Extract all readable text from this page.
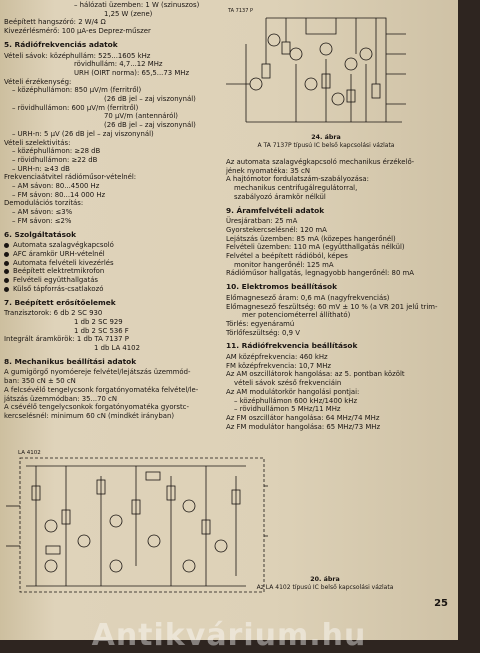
– hálózati üzemben: 1 W (szinuszos)
1,25 W (zene)
Beépített hangszóró: 2 W/4 Ω
Kivezérlésmérő: 100 µA-es Deprez-műszer
5. Rádiófrekvenciás adatok
Vételi sávok: középhullám: 525...1605 kHz
rövidhullám: 4,7...12 MHz
URH (OIRT norma): 65,5...73 MHz
Vételi érzékenység:
– középhullámon: 850 µV/m (ferritről)
(26 dB jel – zaj viszonynál)
– rövidhullámon: 600 µV/m (ferritről)
70 µV/m (antennáról)
(26 dB jel – zaj viszonynál)
– URH-n: 5 µV (26 dB jel – zaj viszonynál)
Vételi szelektivitás:
– középhullámon: ≥28 dB
– rövidhullámon: ≥22 dB
– URH-n: ≥43 dB
Frekvenciaátvitel rádióműsor-vételnél:
– AM sávon: 80...4500 Hz
– FM sávon: 80...14 000 Hz
Demodulációs torzítás:
– AM sávon: ≤3%
– FM sávon: ≤2%
6. Szolgáltatások
Automata szalagvégkapcsoló
AFC áramkör URH-vételnél
Automata felvételi kivezérlés
Beépített elektretmikrofon
Felvételi együtthallgatás
Külső tápforrás-csatlakozó
7. Beépített erősítőelemek
Tranzisztorok: 6 db 2 SC 930
1 db 2 SC 929
1 db 2 SC 536 F
Integrált áramkörök: 1 db TA 7137 P
1 db LA 4102
8. Mechanikus beállítási adatok
A gumigörgő nyomóereje felvétel/lejátszás üzemmód-
ban: 350 cN ± 50 cN
A felcsévélő tengelycsonk forgatónyomatéka felvétel/le-
játszás üzemmódban: 35...70 cN
A csévélő tengelycsonkok forgatónyomatéka gyorstc-
kercselésnél: minimum 60 cN (mindkét irányban)
TA 7137 P
24. ábra
A TA 7137P típusú IC belső kapcsolási vázlata
Az automata szalagvégkapcsoló mechanikus érzékelő-
jének nyomatéka: 35 cN
A hajtómotor fordulatszám-szabályozása:
mechanikus centrifugálregulátorral,
szabályozó áramkör nélkül
9. Áramfelvételi adatok
Üresjáratban: 25 mA
Gyorstekercselésnél: 120 mA
Lejátszás üzemben: 85 mA (közepes hangerőnél)
Felvételi üzemben: 110 mA (együtthallgatás nélkül)
Felvétel a beépített rádióból, képes
monitor hangerőnél: 125 mA
Rádióműsor hallgatás, legnagyobb hangerőnél: 80 mA
10. Elektromos beállítások
Előmagnesező áram: 0,6 mA (nagyfrekvenciás)
Előmagnesező feszültség: 60 mV ± 10 % (a VR 201 jelű trim-
mer potenciométerrel állítható)
Törlés: egyenáramú
Törlőfeszültség: 0,9 V
11. Rádiófrekvencia beállítások
AM középfrekvencia: 460 kHz
FM középfrekvencia: 10,7 MHz
Az AM oszcillátorok hangolása: az 5. pontban közölt
vételi sávok széső frekvenciáin
Az AM modulátorkör hangolási pontjai:
– középhullámon 600 kHz/1400 kHz
– rövidhullámon 5 MHz/11 MHz
Az FM oszcillátor hangolása: 64 MHz/74 MHz
Az FM modulátor hangolása: 65 MHz/73 MHz
LA 4102
20. ábra
Az LA 4102 típusú IC belső kapcsolási vázlata
25
Antikvárium.hu
